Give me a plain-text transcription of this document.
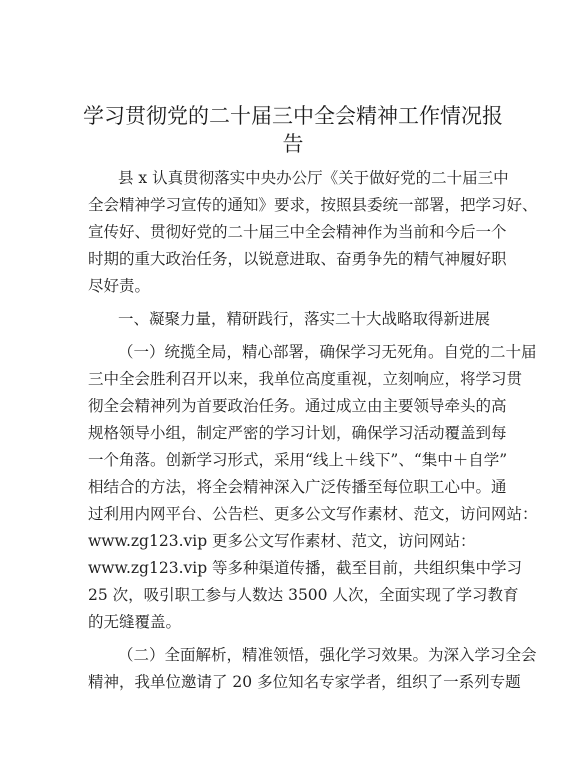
学习贯彻党的二十届三中全会精神工作情况报
告

县 x 认真贯彻落实中央办公厅《关于做好党的二十届三中

全会精神学习宣传的通知》要求，按照县委统一部署，把学习好、

宣传好、贯彻好党的二十届三中全会精神作为当前和今后一个

时期的重大政治任务，以锐意进取、奋勇争先的精气神履好职

尽好责。

一、凝聚力量，精研践行，落实二十大战略取得新进展

（一）统揽全局，精心部署，确保学习无死角。自党的二十届

三中全会胜利召开以来，我单位高度重视，立刻响应，将学习贯

彻全会精神列为首要政治任务。通过成立由主要领导牵头的高

规格领导小组，制定严密的学习计划，确保学习活动覆盖到每

一个角落。创新学习形式，采用“线上＋线下”、“集中＋自学”

相结合的方法，将全会精神深入广泛传播至每位职工心中。通

过利用内网平台、公告栏、更多公文写作素材、范文，访问网站：

www.zg123.vip 更多公文写作素材、范文，访问网站：

www.zg123.vip 等多种渠道传播，截至目前，共组织集中学习

25 次，吸引职工参与人数达 3500 人次，全面实现了学习教育

的无缝覆盖。

（二）全面解析，精准领悟，强化学习效果。为深入学习全会

精神，我单位邀请了 20 多位知名专家学者，组织了一系列专题
